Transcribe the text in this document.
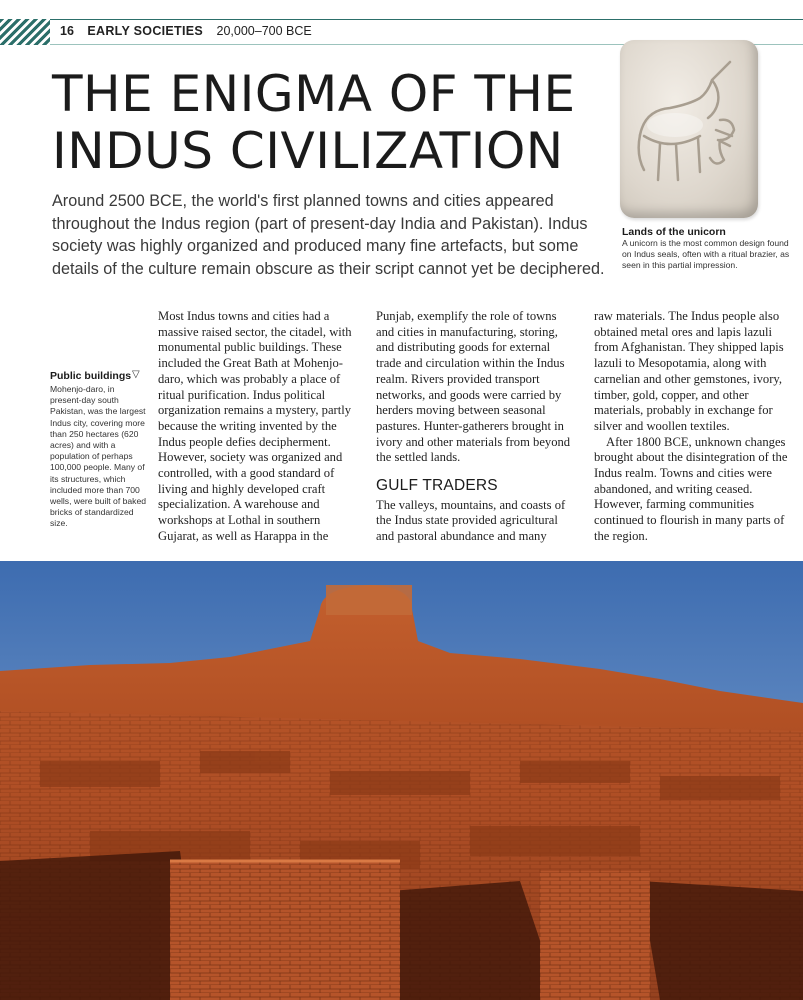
16 EARLY SOCIETIES 20,000–700 BCE
THE ENIGMA OF THE
INDUS CIVILIZATION

Around 2500 BCE, the world's first planned towns and cities appeared throughout the Indus region (part of present-day India and Pakistan). Indus society was highly organized and produced many fine artefacts, but some details of the culture remain obscure as their script cannot yet be deciphered.

Lands of the unicorn
A unicorn is the most common design found on Indus seals, often with a ritual brazier, as seen in this partial impression.
Public buildings ▽
Mohenjo-daro, in present-day south Pakistan, was the largest Indus city, covering more than 250 hectares (620 acres) and with a population of perhaps 100,000 people. Many of its structures, which included more than 700 wells, were built of baked bricks of standardized size.

Most Indus towns and cities had a massive raised sector, the citadel, with monumental public buildings. These included the Great Bath at Mohenjo-daro, which was probably a place of ritual purification. Indus political organization remains a mystery, partly because the writing invented by the Indus people defies decipherment. However, society was organized and controlled, with a good standard of living and highly developed craft specialization. A warehouse and workshops at Lothal in southern Gujarat, as well as Harappa in the

Punjab, exemplify the role of towns and cities in manufacturing, storing, and distributing goods for external trade and circulation within the Indus realm. Rivers provided transport networks, and goods were carried by herders moving between seasonal pastures. Hunter-gatherers brought in ivory and other materials from beyond the settled lands.

GULF TRADERS

The valleys, mountains, and coasts of the Indus state provided agricultural and pastoral abundance and many

raw materials. The Indus people also obtained metal ores and lapis lazuli from Afghanistan. They shipped lapis lazuli to Mesopotamia, along with carnelian and other gemstones, ivory, timber, gold, copper, and other materials, probably in exchange for silver and woollen textiles.

After 1800 BCE, unknown changes brought about the disintegration of the Indus realm. Towns and cities were abandoned, and writing ceased. However, farming communities continued to flourish in many parts of the region.
